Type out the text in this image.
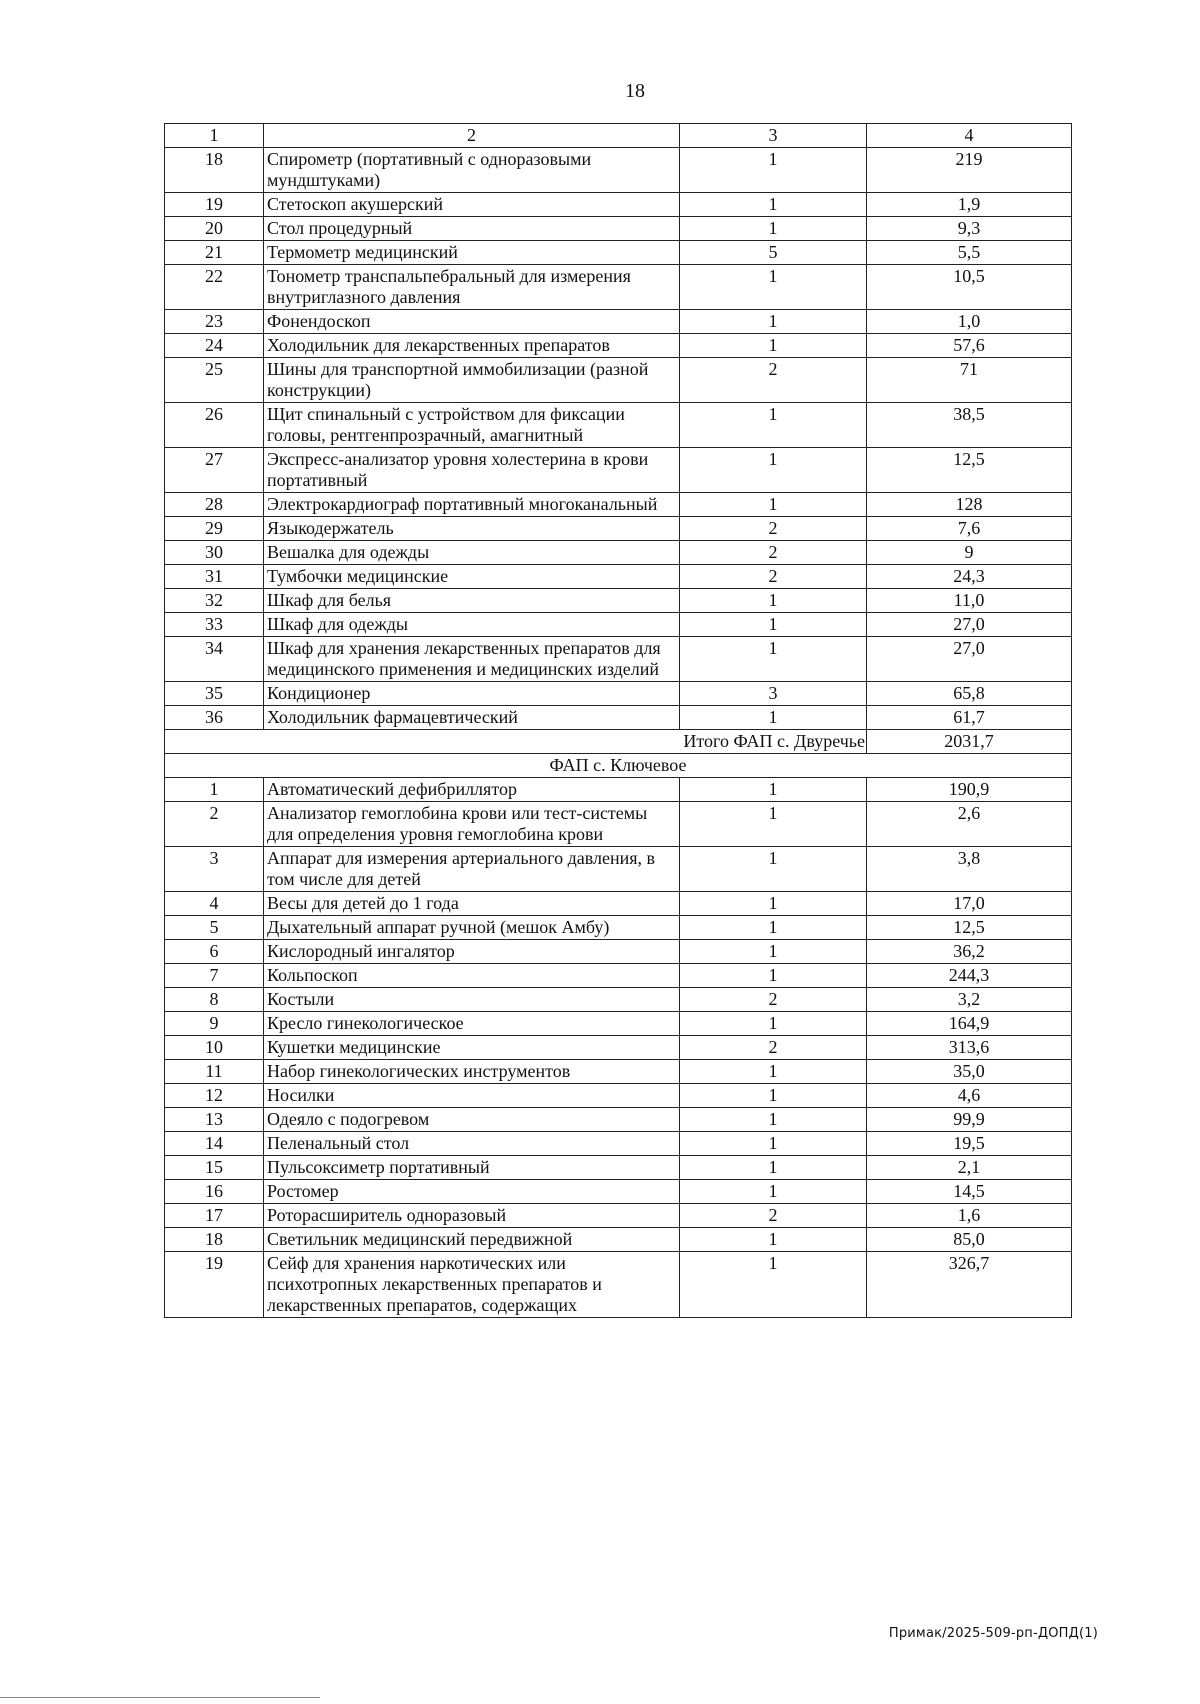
18
1	2	3	4
18	Спирометр (портативный с одноразовыми мундштуками)	1	219
19	Стетоскоп акушерский	1	1,9
20	Стол процедурный	1	9,3
21	Термометр медицинский	5	5,5
22	Тонометр транспальпебральный для измерения внутриглазного давления	1	10,5
23	Фонендоскоп	1	1,0
24	Холодильник для лекарственных препаратов	1	57,6
25	Шины для транспортной иммобилизации (разной конструкции)	2	71
26	Щит спинальный с устройством для фиксации головы, рентгенпрозрачный, амагнитный	1	38,5
27	Экспресс-анализатор уровня холестерина в крови портативный	1	12,5
28	Электрокардиограф портативный многоканальный	1	128
29	Языкодержатель	2	7,6
30	Вешалка для одежды	2	9
31	Тумбочки медицинские	2	24,3
32	Шкаф для белья	1	11,0
33	Шкаф для одежды	1	27,0
34	Шкаф для хранения лекарственных препаратов для медицинского применения и медицинских изделий	1	27,0
35	Кондиционер	3	65,8
36	Холодильник фармацевтический	1	61,7
Итого ФАП с. Двуречье			2031,7
ФАП с. Ключевое			
1	Автоматический дефибриллятор	1	190,9
2	Анализатор гемоглобина крови или тест-системы для определения уровня гемоглобина крови	1	2,6
3	Аппарат для измерения артериального давления, в том числе для детей	1	3,8
4	Весы для детей до 1 года	1	17,0
5	Дыхательный аппарат ручной (мешок Амбу)	1	12,5
6	Кислородный ингалятор	1	36,2
7	Кольпоскоп	1	244,3
8	Костыли	2	3,2
9	Кресло гинекологическое	1	164,9
10	Кушетки медицинские	2	313,6
11	Набор гинекологических инструментов	1	35,0
12	Носилки	1	4,6
13	Одеяло с подогревом	1	99,9
14	Пеленальный стол	1	19,5
15	Пульсоксиметр портативный	1	2,1
16	Ростомер	1	14,5
17	Роторасширитель одноразовый	2	1,6
18	Светильник медицинский передвижной	1	85,0
19	Сейф для хранения наркотических или психотропных лекарственных препаратов и лекарственных препаратов, содержащих	1	326,7
Примак/2025-509-рп-ДОПД(1)
